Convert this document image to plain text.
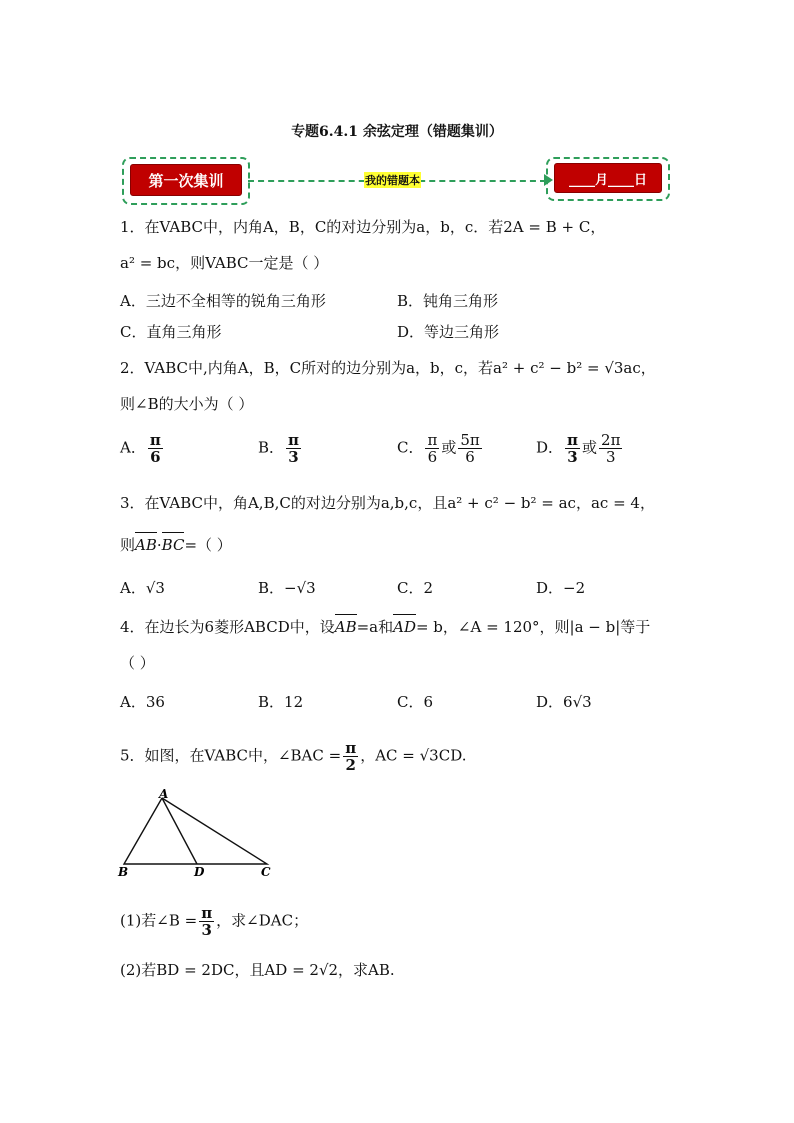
专题6.4.1 余弦定理（错题集训）
第一次集训	我的错题本	____月____日
1．在VABC中，内角A，B，C的对边分别为a，b，c．若2A = B + C，
a² = bc，则VABC一定是（ ）
A．三边不全相等的锐角三角形	B．钝角三角形
C．直角三角形	D．等边三角形
2．VABC中,内角A，B，C所对的边分别为a，b，c，若a² + c² − b² = √3ac，
则∠B的大小为（ ）
A． $\frac{\pi}{6}$	B． $\frac{\pi}{3}$	C． $\frac{\pi}{6}$ 或 $\frac{5\pi}{6}$	D． $\frac{\pi}{3}$ 或 $\frac{2\pi}{3}$
3．在VABC中，角A,B,C的对边分别为a,b,c，且a² + c² − b² = ac，ac = 4，
则AB·BC=（ ）
A．√3	B．−√3	C．2	D．−2
4．在边长为6菱形ABCD中，设AB=a和AD= b，∠A = 120°，则|a − b|等于
（ ）
A．36	B．12	C．6	D．6√3
5．如图，在VABC中，∠BAC = $\frac{\pi}{2}$ ，AC = √3CD.
A
B	D	C
(1)若∠B = $\frac{\pi}{3}$ ，求∠DAC；
(2)若BD = 2DC，且AD = 2√2，求AB.
